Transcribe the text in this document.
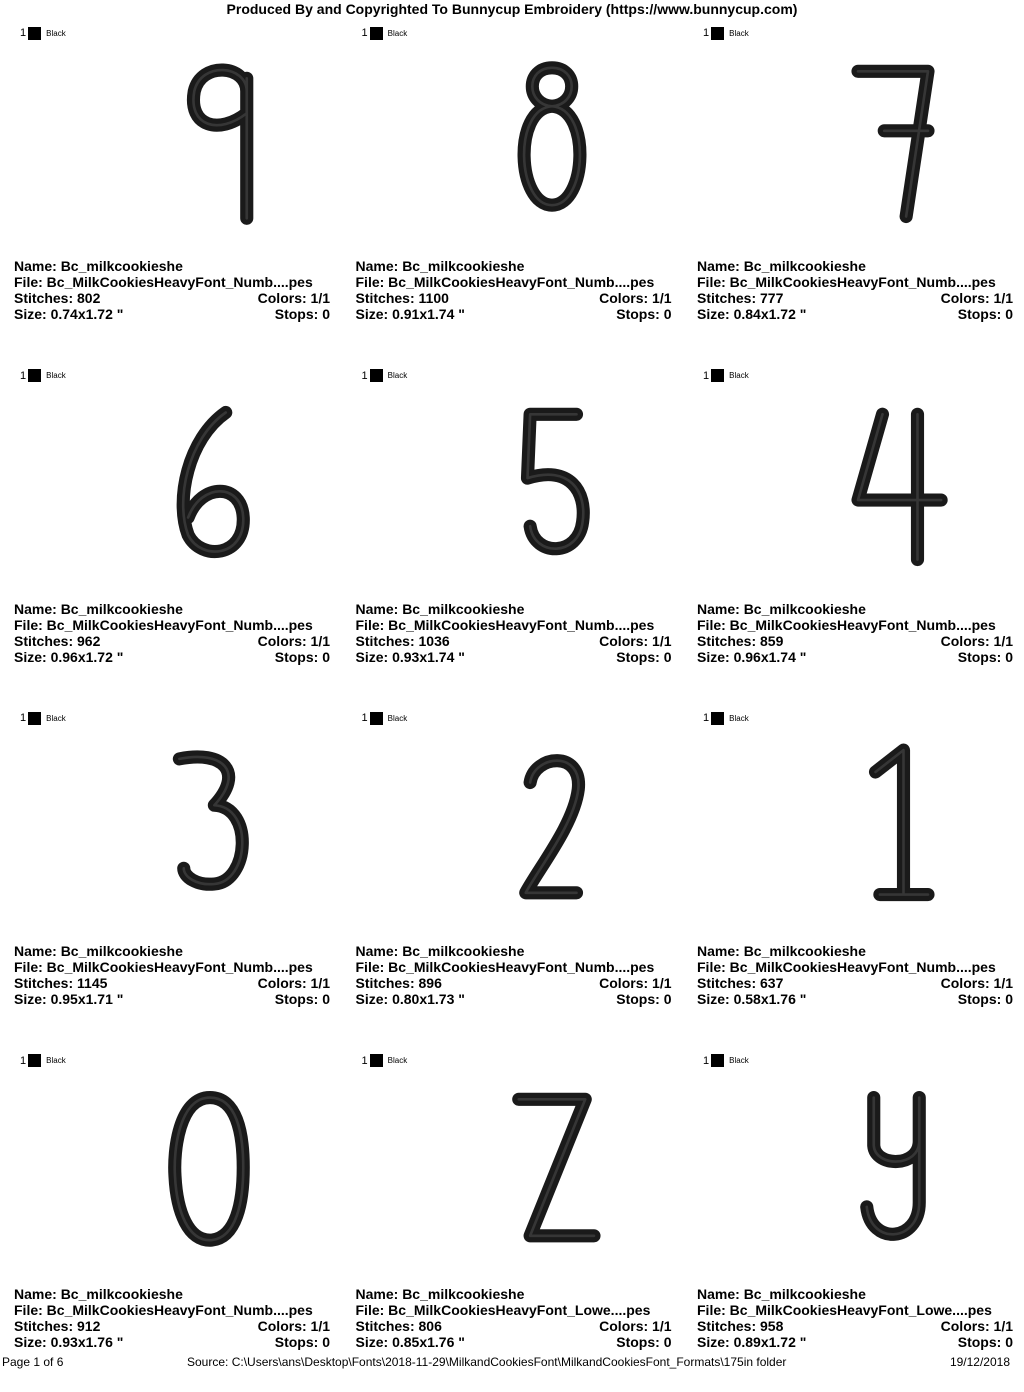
Produced By and Copyrighted To Bunnycup Embroidery (https://www.bunnycup.com)
1	Black
Name: Bc_milkcookieshe
File: Bc_MilkCookiesHeavyFont_Numb....pes
Stitches: 802	Colors: 1/1
Size: 0.74x1.72 "	Stops: 0
1	Black
Name: Bc_milkcookieshe
File: Bc_MilkCookiesHeavyFont_Numb....pes
Stitches: 1100	Colors: 1/1
Size: 0.91x1.74 "	Stops: 0
1	Black
Name: Bc_milkcookieshe
File: Bc_MilkCookiesHeavyFont_Numb....pes
Stitches: 777	Colors: 1/1
Size: 0.84x1.72 "	Stops: 0
1	Black
Name: Bc_milkcookieshe
File: Bc_MilkCookiesHeavyFont_Numb....pes
Stitches: 962	Colors: 1/1
Size: 0.96x1.72 "	Stops: 0
1	Black
Name: Bc_milkcookieshe
File: Bc_MilkCookiesHeavyFont_Numb....pes
Stitches: 1036	Colors: 1/1
Size: 0.93x1.74 "	Stops: 0
1	Black
Name: Bc_milkcookieshe
File: Bc_MilkCookiesHeavyFont_Numb....pes
Stitches: 859	Colors: 1/1
Size: 0.96x1.74 "	Stops: 0
1	Black
Name: Bc_milkcookieshe
File: Bc_MilkCookiesHeavyFont_Numb....pes
Stitches: 1145	Colors: 1/1
Size: 0.95x1.71 "	Stops: 0
1	Black
Name: Bc_milkcookieshe
File: Bc_MilkCookiesHeavyFont_Numb....pes
Stitches: 896	Colors: 1/1
Size: 0.80x1.73 "	Stops: 0
1	Black
Name: Bc_milkcookieshe
File: Bc_MilkCookiesHeavyFont_Numb....pes
Stitches: 637	Colors: 1/1
Size: 0.58x1.76 "	Stops: 0
1	Black
Name: Bc_milkcookieshe
File: Bc_MilkCookiesHeavyFont_Numb....pes
Stitches: 912	Colors: 1/1
Size: 0.93x1.76 "	Stops: 0
1	Black
Name: Bc_milkcookieshe
File: Bc_MilkCookiesHeavyFont_Lowe....pes
Stitches: 806	Colors: 1/1
Size: 0.85x1.76 "	Stops: 0
1	Black
Name: Bc_milkcookieshe
File: Bc_MilkCookiesHeavyFont_Lowe....pes
Stitches: 958	Colors: 1/1
Size: 0.89x1.72 "	Stops: 0
Page 1 of 6	Source: C:\Users\ans\Desktop\Fonts\2018-11-29\MilkandCookiesFont\MilkandCookiesFont_Formats\175in folder	19/12/2018
